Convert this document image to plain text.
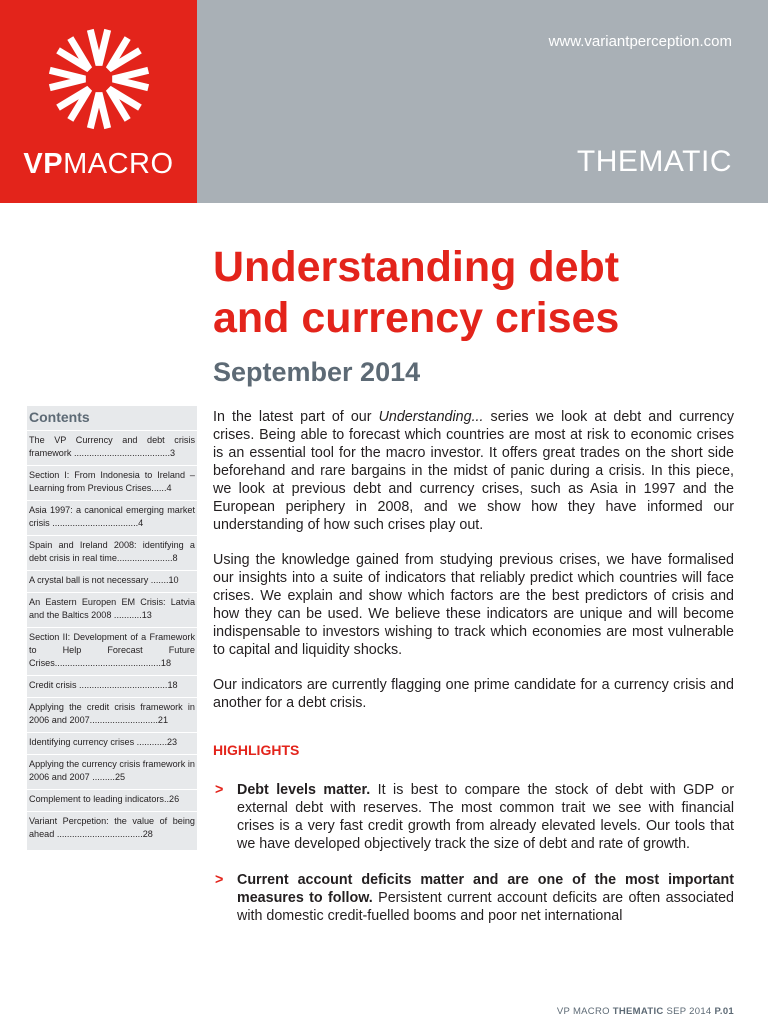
VPMACRO
www.variantperception.com
THEMATIC
Understanding debt
and currency crises
September 2014
Contents
The VP Currency and debt crisis framework ......................................3
Section I: From Indonesia to Ireland – Learning from Previous Crises......4
Asia 1997: a canonical emerging market crisis ..................................4
Spain and Ireland 2008: identifying a debt crisis in real time......................8
A crystal ball is not necessary .......10
An Eastern Europen EM Crisis: Latvia and the Baltics 2008 ...........13
Section II: Development of a Framework to Help Forecast Future Crises..........................................18
Credit crisis ...................................18
Applying the credit crisis framework in 2006 and 2007...........................21
Identifying currency crises ............23
Applying the currency crisis framework in 2006 and 2007 .........25
Complement to leading indicators..26
Variant Percpetion: the value of being ahead ..................................28

In the latest part of our Understanding... series we look at debt and currency crises. Being able to forecast which countries are most at risk to economic crises is an essential tool for the macro investor. It offers great trades on the short side beforehand and rare bargains in the midst of panic during a crisis. In this piece, we look at previous debt and currency crises, such as Asia in 1997 and the European periphery in 2008, and we show how they have informed our understanding of how such crises play out.

Using the knowledge gained from studying previous crises, we have formalised our insights into a suite of indicators that reliably predict which countries will face crises. We explain and show which factors are the best predictors of crisis and how they can be used. We believe these indicators are unique and will become indispensable to investors wishing to track which economies are most vulnerable to capital and liquidity shocks.

Our indicators are currently flagging one prime candidate for a currency crisis and another for a debt crisis.

HIGHLIGHTS
> Debt levels matter. It is best to compare the stock of debt with GDP or external debt with reserves. The most common trait we see with financial crises is a very fast credit growth from already elevated levels. Our tools that we have developed objectively track the size of debt and rate of growth.
> Current account deficits matter and are one of the most important measures to follow. Persistent current account deficits are often associated with domestic credit-fuelled booms and poor net international
VP MACRO THEMATIC SEP 2014 P.01
